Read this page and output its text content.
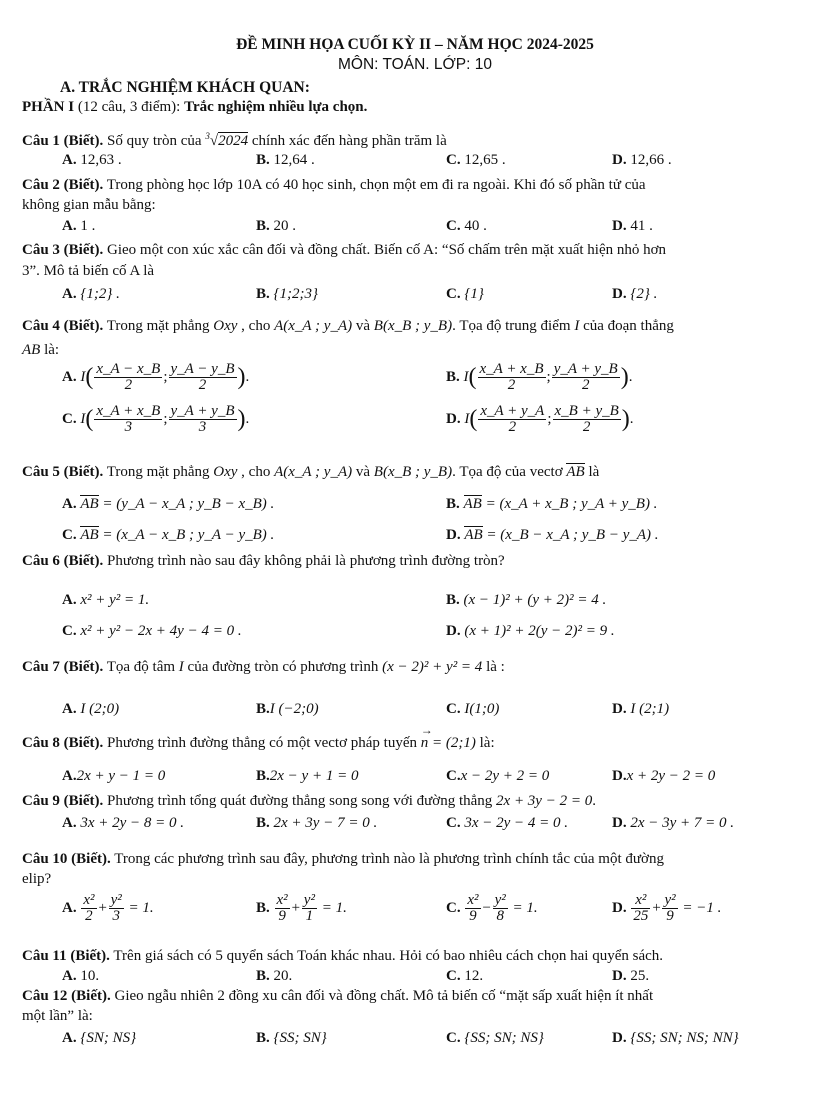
ĐỀ MINH HỌA CUỐI KỲ II – NĂM HỌC 2024-2025
MÔN: TOÁN. LỚP: 10
A. TRẮC NGHIỆM KHÁCH QUAN:
PHẦN I (12 câu, 3 điểm): Trắc nghiệm nhiều lựa chọn.
Câu 1 (Biết). Số quy tròn của $^3$√2024 chính xác đến hàng phần trăm là
A. 12,63 .	B. 12,64 .	C. 12,65 .	D. 12,66 .
Câu 2 (Biết). Trong phòng học lớp 10A có 40 học sinh, chọn một em đi ra ngoài. Khi đó số phần tử của
không gian mẫu bằng:
A. 1 .	B. 20 .	C. 40 .	D. 41 .
Câu 3 (Biết). Gieo một con xúc xắc cân đối và đồng chất. Biến cố A: “Số chấm trên mặt xuất hiện nhỏ hơn
3”. Mô tả biến cố A là
A. {1;2} .	B. {1;2;3}	C. {1}	D. {2} .
Câu 4 (Biết). Trong mặt phẳng Oxy , cho A(x_A ; y_A) và B(x_B ; y_B). Tọa độ trung điểm I của đoạn thẳng
AB là:
A. $I( \frac{x\_A - x\_B}{2}$ ; $\frac{y\_A - y\_B}{2}$ ).	B. $I( \frac{x\_A + x\_B}{2}$ ; $\frac{y\_A + y\_B}{2}$ ).
C. $I( \frac{x\_A + x\_B}{3}$ ; $\frac{y\_A + y\_B}{3}$ ).	D. $I( \frac{x\_A + y\_A}{2}$ ; $\frac{x\_B + y\_B}{2}$ ).
Câu 5 (Biết). Trong mặt phẳng Oxy , cho A(x_A ; y_A) và B(x_B ; y_B). Tọa độ của vectơ AB là
A. AB = (y_A − x_A ; y_B − x_B) .	B. AB = (x_A + x_B ; y_A + y_B) .
C. AB = (x_A − x_B ; y_A − y_B) .	D. AB = (x_B − x_A ; y_B − y_A) .
Câu 6 (Biết). Phương trình nào sau đây không phải là phương trình đường tròn?
A. x² + y² = 1.	B. (x − 1)² + (y + 2)² = 4 .
C. x² + y² − 2x + 4y − 4 = 0 .	D. (x + 1)² + 2(y − 2)² = 9 .
Câu 7 (Biết). Tọa độ tâm I của đường tròn có phương trình (x − 2)² + y² = 4 là :
A. I (2;0)	B.I (−2;0)	C. I(1;0)	D. I (2;1)
Câu 8 (Biết). Phương trình đường thẳng có một vectơ pháp tuyến
→
n = (2;1) là:
A.2x + y − 1 = 0	B.2x − y + 1 = 0	C.x − 2y + 2 = 0	D.x + 2y − 2 = 0
Câu 9 (Biết). Phương trình tổng quát đường thẳng song song với đường thẳng 2x + 3y − 2 = 0.
A. 3x + 2y − 8 = 0 .	B. 2x + 3y − 7 = 0 .	C. 3x − 2y − 4 = 0 .	D. 2x − 3y + 7 = 0 .
Câu 10 (Biết). Trong các phương trình sau đây, phương trình nào là phương trình chính tắc của một đường
elip?
A. $\frac{\text{x²}}{2} + \frac{\text{y²}}{3} = 1$.	B. $\frac{\text{x²}}{9} + \frac{\text{y²}}{1} = 1$.	C. $\frac{\text{x²}}{9} - \frac{\text{y²}}{8} = 1$.	D. $\frac{\text{x²}}{25} + \frac{\text{y²}}{9} = -1$ .
Câu 11 (Biết). Trên giá sách có 5 quyển sách Toán khác nhau. Hỏi có bao nhiêu cách chọn hai quyển sách.
A. 10.	B. 20.	C. 12.	D. 25.
Câu 12 (Biết). Gieo ngẫu nhiên 2 đồng xu cân đối và đồng chất. Mô tả biến cố “mặt sấp xuất hiện ít nhất
một lần” là:
A. {SN; NS}	B. {SS; SN}	C. {SS; SN; NS}	D. {SS; SN; NS; NN}
